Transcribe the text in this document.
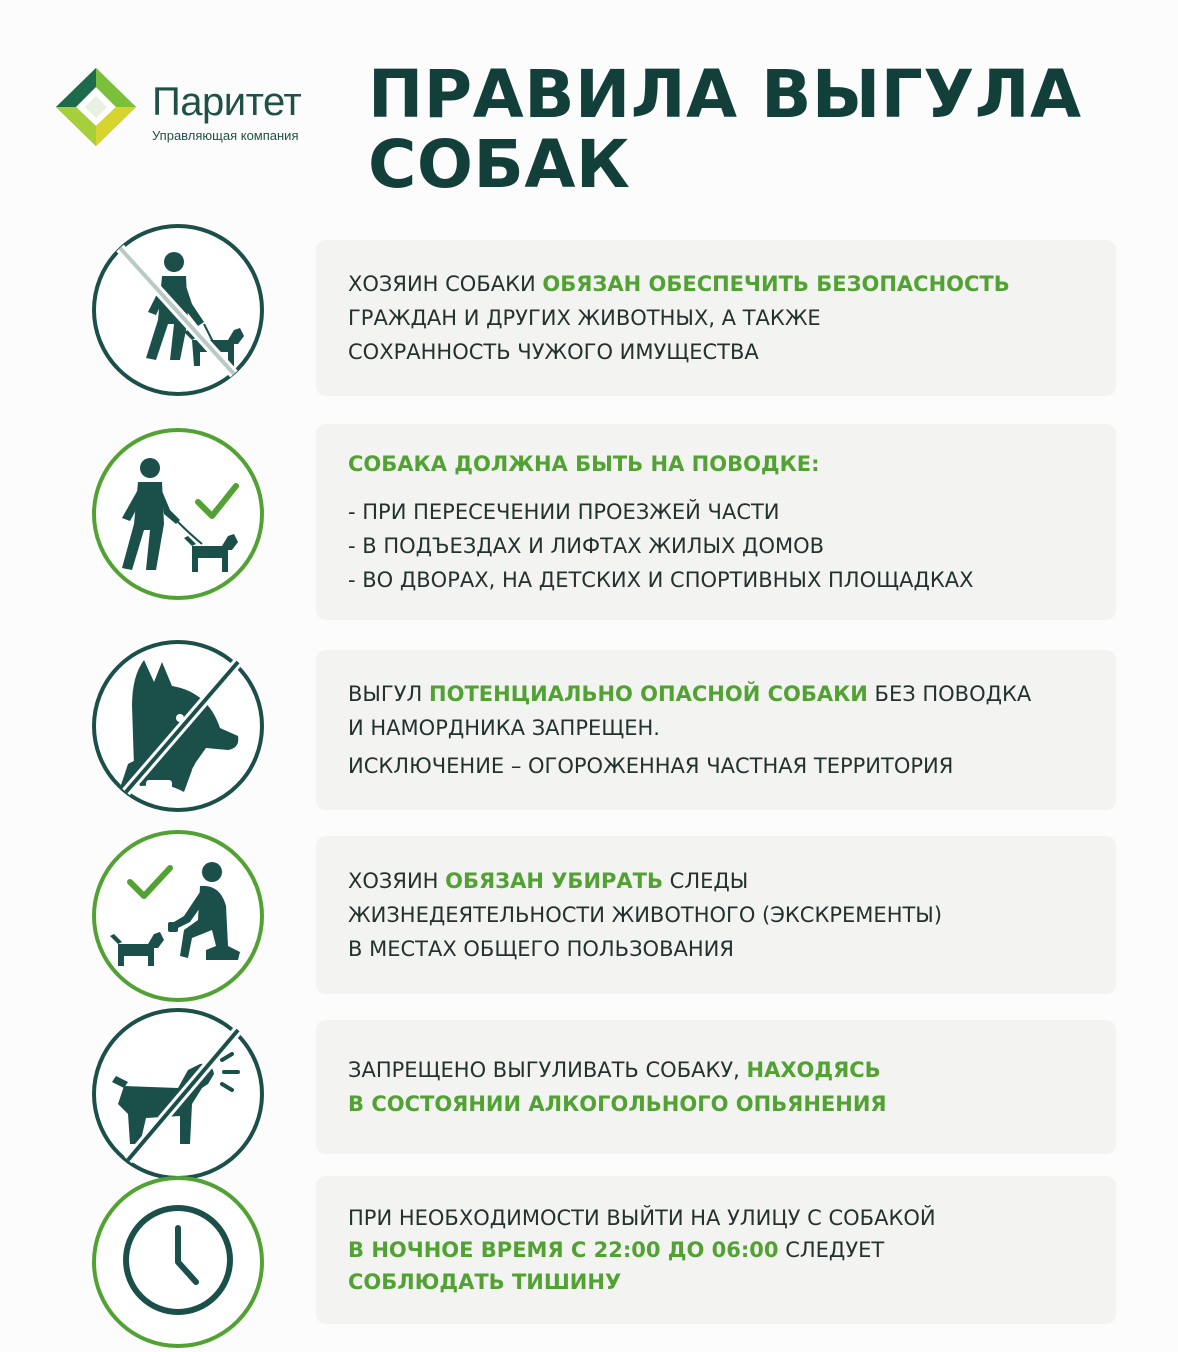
Паритет
Управляющая компания
ПРАВИЛА ВЫГУЛА
СОБАК

ХОЗЯИН СОБАКИ ОБЯЗАН ОБЕСПЕЧИТЬ БЕЗОПАСНОСТЬ

ГРАЖДАН И ДРУГИХ ЖИВОТНЫХ, А ТАКЖЕ

СОХРАННОСТЬ ЧУЖОГО ИМУЩЕСТВА

СОБАКА ДОЛЖНА БЫТЬ НА ПОВОДКЕ:

- ПРИ ПЕРЕСЕЧЕНИИ ПРОЕЗЖЕЙ ЧАСТИ

- В ПОДЪЕЗДАХ И ЛИФТАХ ЖИЛЫХ ДОМОВ

- ВО ДВОРАХ, НА ДЕТСКИХ И СПОРТИВНЫХ ПЛОЩАДКАХ

ВЫГУЛ ПОТЕНЦИАЛЬНО ОПАСНОЙ СОБАКИ БЕЗ ПОВОДКА

И НАМОРДНИКА ЗАПРЕЩЕН.

ИСКЛЮЧЕНИЕ – ОГОРОЖЕННАЯ ЧАСТНАЯ ТЕРРИТОРИЯ

ХОЗЯИН ОБЯЗАН УБИРАТЬ СЛЕДЫ

ЖИЗНЕДЕЯТЕЛЬНОСТИ ЖИВОТНОГО (ЭКСКРЕМЕНТЫ)

В МЕСТАХ ОБЩЕГО ПОЛЬЗОВАНИЯ

ЗАПРЕЩЕНО ВЫГУЛИВАТЬ СОБАКУ, НАХОДЯСЬ

В СОСТОЯНИИ АЛКОГОЛЬНОГО ОПЬЯНЕНИЯ

ПРИ НЕОБХОДИМОСТИ ВЫЙТИ НА УЛИЦУ С СОБАКОЙ

В НОЧНОЕ ВРЕМЯ С 22:00 ДО 06:00 СЛЕДУЕТ

СОБЛЮДАТЬ ТИШИНУ
